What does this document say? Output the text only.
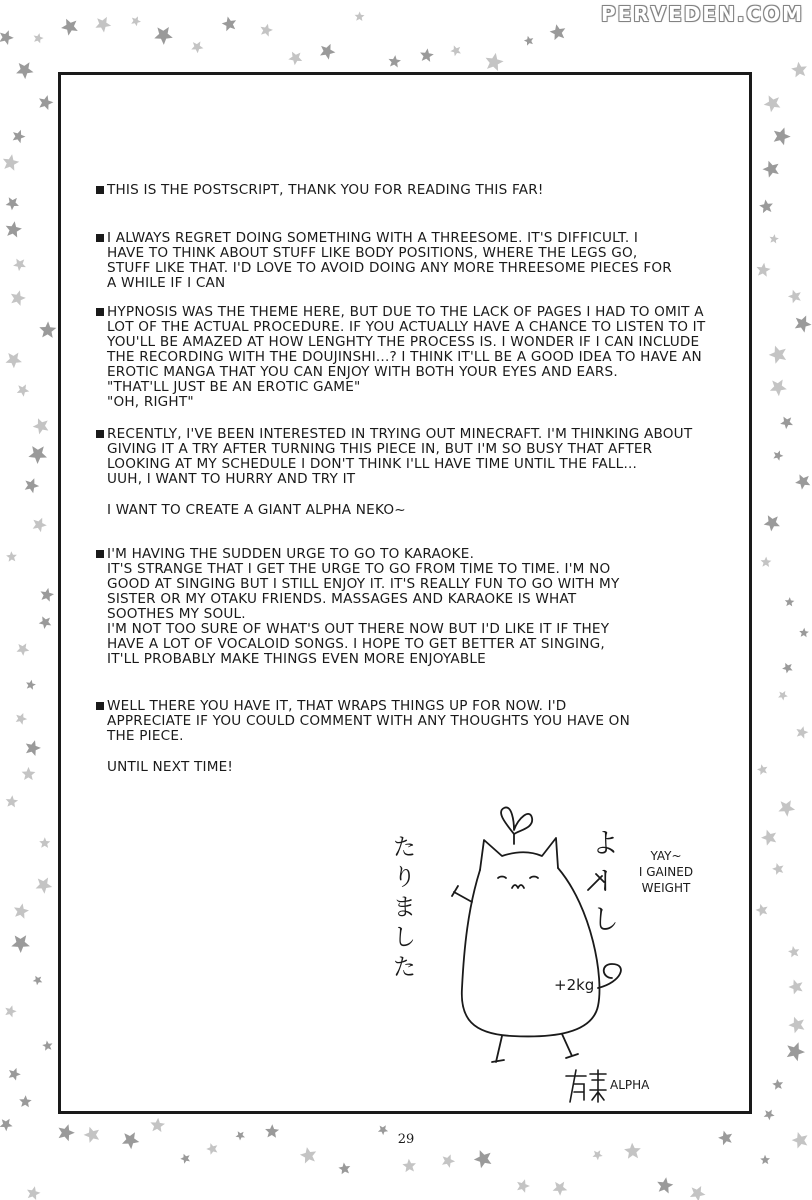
PERVEDEN.COM
THIS IS THE POSTSCRIPT, THANK YOU FOR READING THIS FAR!
I ALWAYS REGRET DOING SOMETHING WITH A THREESOME. IT'S DIFFICULT. I
HAVE TO THINK ABOUT STUFF LIKE BODY POSITIONS, WHERE THE LEGS GO,
STUFF LIKE THAT. I'D LOVE TO AVOID DOING ANY MORE THREESOME PIECES FOR
A WHILE IF I CAN
HYPNOSIS WAS THE THEME HERE, BUT DUE TO THE LACK OF PAGES I HAD TO OMIT A
LOT OF THE ACTUAL PROCEDURE. IF YOU ACTUALLY HAVE A CHANCE TO LISTEN TO IT
YOU'LL BE AMAZED AT HOW LENGHTY THE PROCESS IS. I WONDER IF I CAN INCLUDE
THE RECORDING WITH THE DOUJINSHI...? I THINK IT'LL BE A GOOD IDEA TO HAVE AN
EROTIC MANGA THAT YOU CAN ENJOY WITH BOTH YOUR EYES AND EARS.
"THAT'LL JUST BE AN EROTIC GAME"
"OH, RIGHT"
RECENTLY, I'VE BEEN INTERESTED IN TRYING OUT MINECRAFT. I'M THINKING ABOUT
GIVING IT A TRY AFTER TURNING THIS PIECE IN, BUT I'M SO BUSY THAT AFTER
LOOKING AT MY SCHEDULE I DON'T THINK I'LL HAVE TIME UNTIL THE FALL...
UUH, I WANT TO HURRY AND TRY IT
I WANT TO CREATE A GIANT ALPHA NEKO~
I'M HAVING THE SUDDEN URGE TO GO TO KARAOKE.
IT'S STRANGE THAT I GET THE URGE TO GO FROM TIME TO TIME. I'M NO
GOOD AT SINGING BUT I STILL ENJOY IT. IT'S REALLY FUN TO GO WITH MY
SISTER OR MY OTAKU FRIENDS. MASSAGES AND KARAOKE IS WHAT
SOOTHES MY SOUL.
I'M NOT TOO SURE OF WHAT'S OUT THERE NOW BUT I'D LIKE IT IF THEY
HAVE A LOT OF VOCALOID SONGS. I HOPE TO GET BETTER AT SINGING,
IT'LL PROBABLY MAKE THINGS EVEN MORE ENJOYABLE
WELL THERE YOU HAVE IT, THAT WRAPS THINGS UP FOR NOW. I'D
APPRECIATE IF YOU COULD COMMENT WITH ANY THOUGHTS YOU HAVE ON
THE PIECE.
UNTIL NEXT TIME!
+2kg
たりました	よーし	YAY~
I GAINED
WEIGHT
ALPHA
29
